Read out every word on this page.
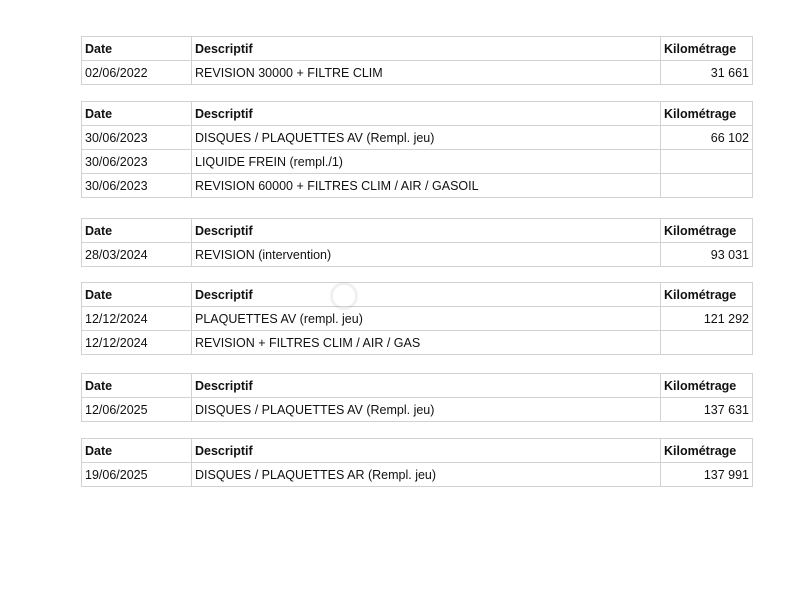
Date	Descriptif	Kilométrage
02/06/2022	REVISION 30000 + FILTRE CLIM	31 661
Date	Descriptif	Kilométrage
30/06/2023	DISQUES / PLAQUETTES AV (Rempl. jeu)	66 102
30/06/2023	LIQUIDE FREIN (rempl./1)	
30/06/2023	REVISION 60000 + FILTRES CLIM / AIR / GASOIL	
Date	Descriptif	Kilométrage
28/03/2024	REVISION (intervention)	93 031
Date	Descriptif	Kilométrage
12/12/2024	PLAQUETTES AV (rempl. jeu)	121 292
12/12/2024	REVISION + FILTRES CLIM / AIR / GAS	
Date	Descriptif	Kilométrage
12/06/2025	DISQUES / PLAQUETTES AV (Rempl. jeu)	137 631
Date	Descriptif	Kilométrage
19/06/2025	DISQUES / PLAQUETTES AR (Rempl. jeu)	137 991
